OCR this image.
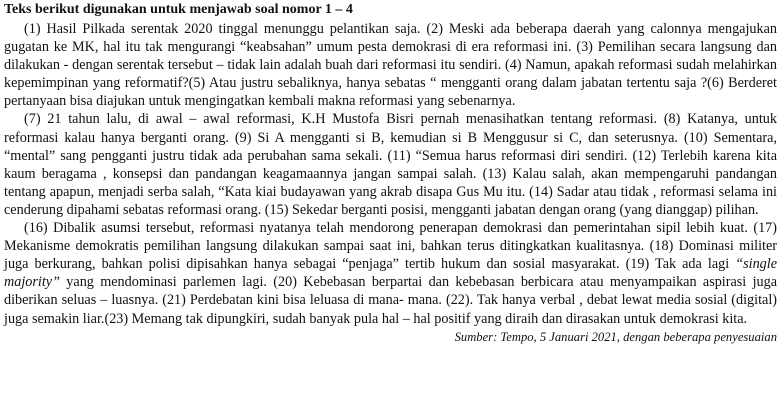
Teks berikut digunakan untuk menjawab soal nomor 1 – 4

(1) Hasil Pilkada serentak 2020 tinggal menunggu pelantikan saja. (2) Meski ada beberapa daerah yang calonnya mengajukan gugatan ke MK, hal itu tak mengurangi “keabsahan” umum pesta demokrasi di era reformasi ini. (3) Pemilihan secara langsung dan dilakukan - dengan serentak tersebut – tidak lain adalah buah dari reformasi itu sendiri. (4) Namun, apakah reformasi sudah melahirkan kepemimpinan yang reformatif?(5) Atau justru sebaliknya, hanya sebatas “ mengganti orang dalam jabatan tertentu saja ?(6) Berderet pertanyaan bisa diajukan untuk mengingatkan kembali makna reformasi yang sebenarnya.

(7) 21 tahun lalu, di awal – awal reformasi, K.H Mustofa Bisri pernah menasihatkan tentang reformasi. (8) Katanya, untuk reformasi kalau hanya berganti orang. (9) Si A mengganti si B, kemudian si B Menggusur si C, dan seterusnya. (10) Sementara, “mental” sang pengganti justru tidak ada perubahan sama sekali. (11) “Semua harus reformasi diri sendiri. (12) Terlebih karena kita kaum beragama , konsepsi dan pandangan keagamaannya jangan sampai salah. (13) Kalau salah, akan mempengaruhi pandangan tentang apapun, menjadi serba salah, “Kata kiai budayawan yang akrab disapa Gus Mu itu. (14) Sadar atau tidak , reformasi selama ini cenderung dipahami sebatas reformasi orang. (15) Sekedar berganti posisi, mengganti jabatan dengan orang (yang dianggap) pilihan.

(16) Dibalik asumsi tersebut, reformasi nyatanya telah mendorong penerapan demokrasi dan pemerintahan sipil lebih kuat. (17) Mekanisme demokratis pemilihan langsung dilakukan sampai saat ini, bahkan terus ditingkatkan kualitasnya. (18) Dominasi militer juga berkurang, bahkan polisi dipisahkan hanya sebagai “penjaga” tertib hukum dan sosial masyarakat. (19) Tak ada lagi “single majority” yang mendominasi parlemen lagi. (20) Kebebasan berpartai dan kebebasan berbicara atau menyampaikan aspirasi juga diberikan seluas – luasnya. (21) Perdebatan kini bisa leluasa di mana- mana. (22). Tak hanya verbal , debat lewat media sosial (digital) juga semakin liar.(23) Memang tak dipungkiri, sudah banyak pula hal – hal positif yang diraih dan dirasakan untuk demokrasi kita.

Sumber: Tempo, 5 Januari 2021, dengan beberapa penyesuaian
